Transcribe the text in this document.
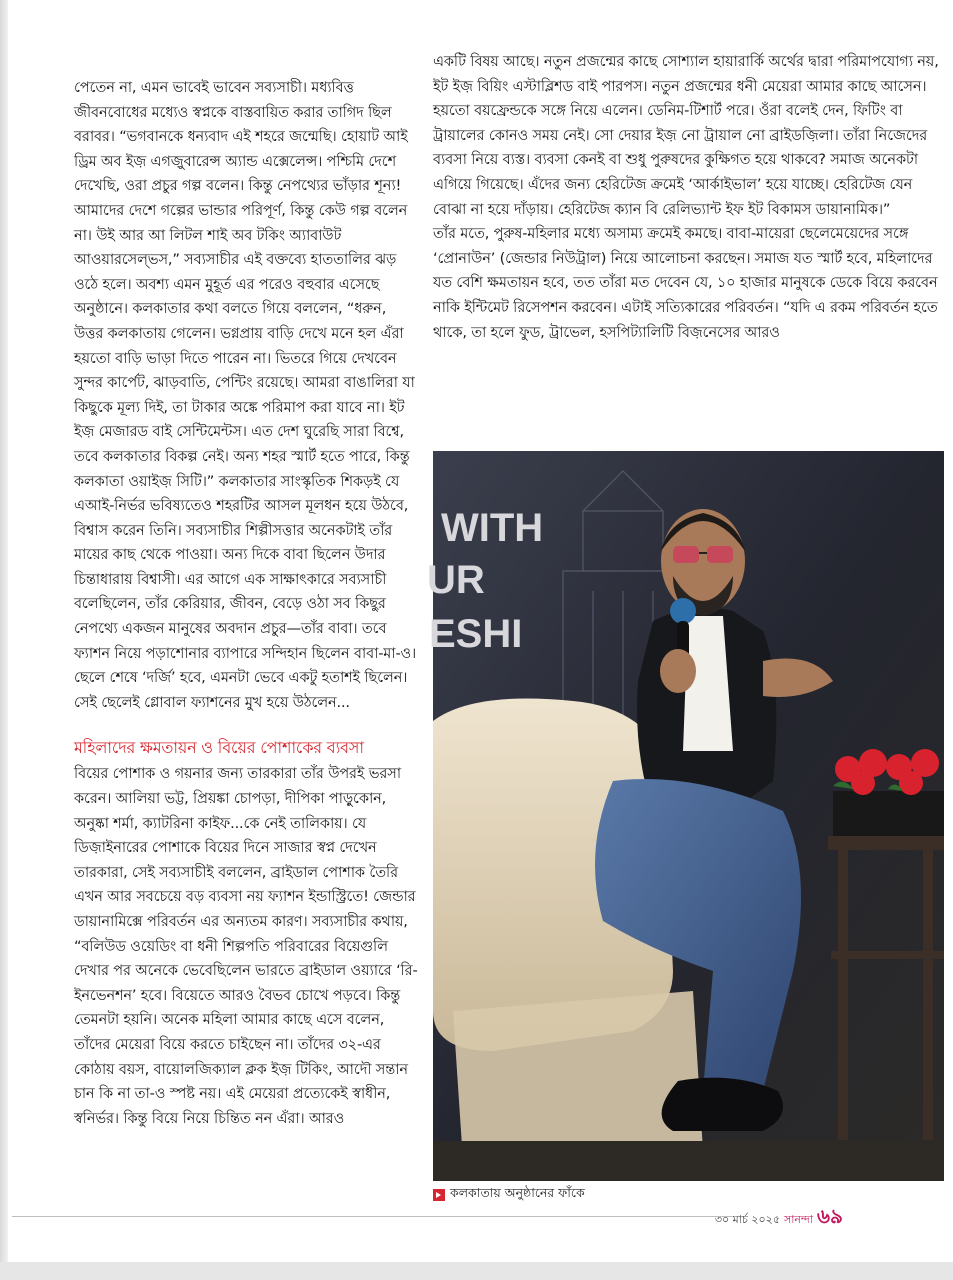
পেতেন না, এমন ভাবেই ভাবেন সব্যসাচী। মধ্যবিত্ত জীবনবোধের মধ্যেও স্বপ্নকে বাস্তবায়িত করার তাগিদ ছিল বরাবর। “ভগবানকে ধন্যবাদ এই শহরে জন্মেছি। হোয়াট আই ড্রিম অব ইজ় এগজ়ুবারেন্স অ্যান্ড এক্সেলেন্স। পশ্চিমি দেশে দেখেছি, ওরা প্রচুর গল্প বলেন। কিন্তু নেপথ্যের ভাঁড়ার শূন্য! আমাদের দেশে গল্পের ভান্ডার পরিপূর্ণ, কিন্তু কেউ গল্প বলেন না। উই আর আ লিটল শাই অব টকিং অ্যাবাউট আওয়ারসেল্ভস,” সব্যসাচীর এই বক্তব্যে হাততালির ঝড় ওঠে হলে। অবশ্য এমন মুহূর্ত এর পরেও বহুবার এসেছে অনুষ্ঠানে। কলকাতার কথা বলতে গিয়ে বললেন, “ধরুন, উত্তর কলকাতায় গেলেন। ভগ্নপ্রায় বাড়ি দেখে মনে হল এঁরা হয়তো বাড়ি ভাড়া দিতে পারেন না। ভিতরে গিয়ে দেখবেন সুন্দর কার্পেট, ঝাড়বাতি, পেন্টিং রয়েছে। আমরা বাঙালিরা যা কিছুকে মূল্য দিই, তা টাকার অঙ্কে পরিমাপ করা যাবে না। ইট ইজ় মেজারড বাই সেন্টিমেন্টস। এত দেশ ঘুরেছি সারা বিশ্বে, তবে কলকাতার বিকল্প নেই। অন্য শহর স্মার্ট হতে পারে, কিন্তু কলকাতা ওয়াইজ় সিটি।” কলকাতার সাংস্কৃতিক শিকড়ই যে এআই-নির্ভর ভবিষ্যতেও শহরটির আসল মূলধন হয়ে উঠবে, বিশ্বাস করেন তিনি। সব্যসাচীর শিল্পীসত্তার অনেকটাই তাঁর মায়ের কাছ থেকে পাওয়া। অন্য দিকে বাবা ছিলেন উদার চিন্তাধারায় বিশ্বাসী। এর আগে এক সাক্ষাৎকারে সব্যসাচী বলেছিলেন, তাঁর কেরিয়ার, জীবন, বেড়ে ওঠা সব কিছুর নেপথ্যে একজন মানুষের অবদান প্রচুর—তাঁর বাবা। তবে ফ্যাশন নিয়ে পড়াশোনার ব্যাপারে সন্দিহান ছিলেন বাবা-মা-ও। ছেলে শেষে ‘দর্জি’ হবে, এমনটা ভেবে একটু হতাশই ছিলেন। সেই ছেলেই গ্লোবাল ফ্যাশনের মুখ হয়ে উঠলেন...

মহিলাদের ক্ষমতায়ন ও বিয়ের পোশাকের ব্যবসা

বিয়ের পোশাক ও গয়নার জন্য তারকারা তাঁর উপরই ভরসা করেন। আলিয়া ভট্ট, প্রিয়ঙ্কা চোপড়া, দীপিকা পাড়ুকোন, অনুষ্কা শর্মা, ক্যাটরিনা কাইফ...কে নেই তালিকায়। যে ডিজ়াইনারের পোশাকে বিয়ের দিনে সাজার স্বপ্ন দেখেন তারকারা, সেই সব্যসাচীই বললেন, ব্রাইডাল পোশাক তৈরি এখন আর সবচেয়ে বড় ব্যবসা নয় ফ্যাশন ইন্ডাস্ট্রিতে! জেন্ডার ডায়ানামিক্সে পরিবর্তন এর অন্যতম কারণ। সব্যসাচীর কথায়, “বলিউড ওয়েডিং বা ধনী শিল্পপতি পরিবারের বিয়েগুলি দেখার পর অনেকে ভেবেছিলেন ভারতে ব্রাইডাল ওয়্যারে ‘রি-ইনভেনশন’ হবে। বিয়েতে আরও বৈভব চোখে পড়বে। কিন্তু তেমনটা হয়নি। অনেক মহিলা আমার কাছে এসে বলেন, তাঁদের মেয়েরা বিয়ে করতে চাইছেন না। তাঁদের ৩২-এর কোঠায় বয়স, বায়োলজিক্যাল ক্লক ইজ় টিকিং, আদৌ সন্তান চান কি না তা-ও স্পষ্ট নয়। এই মেয়েরা প্রত্যেকেই স্বাধীন, স্বনির্ভর। কিন্তু বিয়ে নিয়ে চিন্তিত নন এঁরা। আরও

একটি বিষয় আছে। নতুন প্রজন্মের কাছে সোশ্যাল হায়ারার্কি অর্থের দ্বারা পরিমাপযোগ্য নয়, ইট ইজ় বিয়িং এস্টাব্লিশড বাই পারপস। নতুন প্রজন্মের ধনী মেয়েরা আমার কাছে আসেন। হয়তো বয়ফ্রেন্ডকে সঙ্গে নিয়ে এলেন। ডেনিম-টিশার্ট পরে। ওঁরা বলেই দেন, ফিটিং বা ট্রায়ালের কোনও সময় নেই। সো দেয়ার ইজ় নো ট্রায়াল নো ব্রাইডজ়িলা। তাঁরা নিজেদের ব্যবসা নিয়ে ব্যস্ত। ব্যবসা কেনই বা শুধু পুরুষদের কুক্ষিগত হয়ে থাকবে? সমাজ অনেকটা এগিয়ে গিয়েছে। এঁদের জন্য হেরিটেজ ক্রমেই ‘আর্কাইভাল’ হয়ে যাচ্ছে। হেরিটেজ যেন বোঝা না হয়ে দাঁড়ায়। হেরিটেজ ক্যান বি রেলিভ্যান্ট ইফ ইট বিকামস ডায়ানামিক।”

তাঁর মতে, পুরুষ-মহিলার মধ্যে অসাম্য ক্রমেই কমছে। বাবা-মায়েরা ছেলেমেয়েদের সঙ্গে ‘প্রোনাউন’ (জেন্ডার নিউট্রাল) নিয়ে আলোচনা করছেন। সমাজ যত স্মার্ট হবে, মহিলাদের যত বেশি ক্ষমতায়ন হবে, তত তাঁরা মত দেবেন যে, ১০ হাজার মানুষকে ডেকে বিয়ে করবেন নাকি ইন্টিমেট রিসেপশন করবেন। এটাই সত্যিকারের পরিবর্তন। “যদি এ রকম পরিবর্তন হতে থাকে, তা হলে ফুড, ট্রাভেল, হসপিট্যালিটি বিজ়নেসের আরও

WITH
UR
ESHI
কলকাতায় অনুষ্ঠানের ফাঁকে
৩০ মার্চ ২০২৫ সানন্দা ৬৯
